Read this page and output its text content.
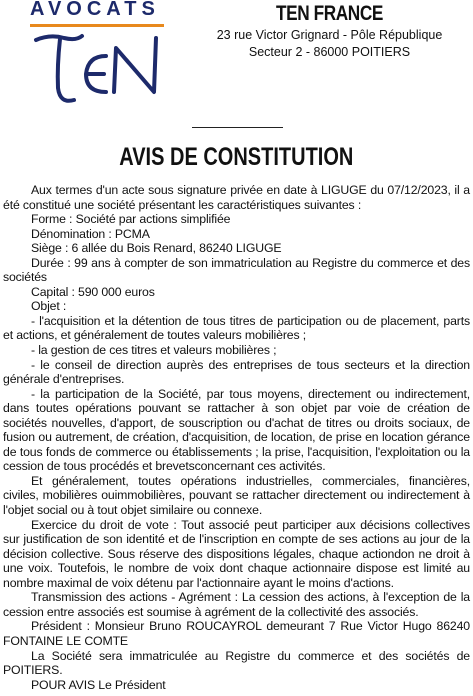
AVOCATS	TEN FRANCE
23 rue Victor Grignard - Pôle République
Secteur 2 - 86000 POITIERS
AVIS DE CONSTITUTION

Aux termes d'un acte sous signature privée en date à LIGUGE du 07/12/2023, il a été constitué une société présentant les caractéristiques suivantes :

Forme : Société par actions simplifiée

Dénomination : PCMA

Siège : 6 allée du Bois Renard, 86240 LIGUGE

Durée : 99 ans à compter de son immatriculation au Registre du commerce et des sociétés

Capital : 590 000 euros

Objet :

- l'acquisition et la détention de tous titres de participation ou de placement, parts et actions, et généralement de toutes valeurs mobilières ;

- la gestion de ces titres et valeurs mobilières ;

- le conseil de direction auprès des entreprises de tous secteurs et la direction générale d'entreprises.

- la participation de la Société, par tous moyens, directement ou indirectement, dans toutes opérations pouvant se rattacher à son objet par voie de création de sociétés nouvelles, d'apport, de souscription ou d'achat de titres ou droits sociaux, de fusion ou autrement, de création, d'acquisition, de location, de prise en location gérance de tous fonds de commerce ou établissements ; la prise, l'acquisition, l'exploitation ou la cession de tous procédés et brevetsconcernant ces activités.

Et généralement, toutes opérations industrielles, commerciales, financières, civiles, mobilières ouimmobilières, pouvant se rattacher directement ou indirectement à l'objet social ou à tout objet similaire ou connexe.

Exercice du droit de vote : Tout associé peut participer aux décisions collectives sur justification de son identité et de l'inscription en compte de ses actions au jour de la décision collective. Sous réserve des dispositions légales, chaque actiondon ne droit à une voix. Toutefois, le nombre de voix dont chaque actionnaire dispose est limité au nombre maximal de voix détenu par l'actionnaire ayant le moins d'actions.

Transmission des actions - Agrément : La cession des actions, à l'exception de la cession entre associés est soumise à agrément de la collectivité des associés.

Président : Monsieur Bruno ROUCAYROL demeurant 7 Rue Victor Hugo 86240 FONTAINE LE COMTE

La Société sera immatriculée au Registre du commerce et des sociétés de POITIERS.

POUR AVIS Le Président
